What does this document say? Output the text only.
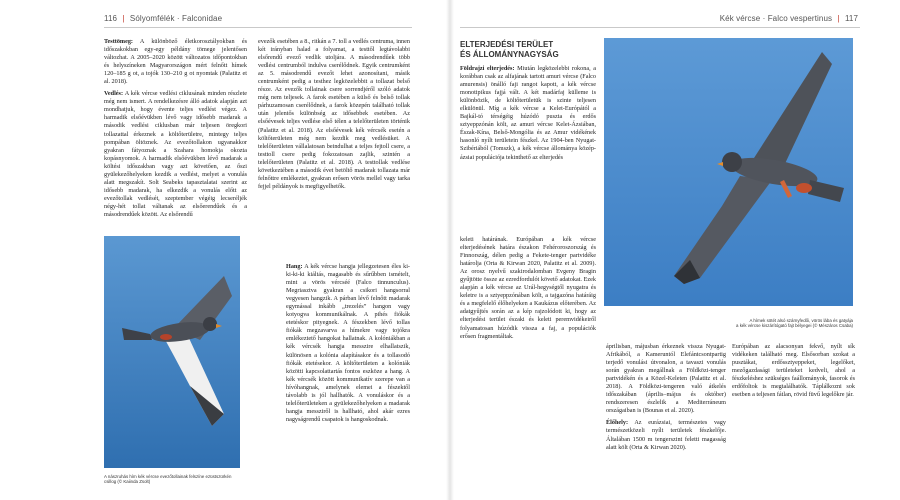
116 | Sólyomfélék · Falconidae

Testtömeg: A különböző életkorosztályokban és időszakokban egy-egy példány tömege jelentősen változhat. A 2005–2020 között változatos időpontokban és helyszíneken Magyarországon mért felnőtt hímek 120–185 g ot, a tojók 130–210 g ot nyomtak (Palatitz et al. 2018).

Vedlés: A kék vércse vedlési ciklusának minden részlete még nem ismert. A rendelkezésre álló adatok alapján azt mondhatjuk, hogy évente teljes vedlést végez. A harmadik elsőévükben lévő vagy idősebb madarak a második vedlési ciklusban már teljesen öregkori tollazattal érkeznek a költőterületre, mintegy teljes pompában öltöznek. Az evezőtollakon ugyanakkor gyakran fátyoznak a Szahara homokja okozta kopásnyomok. A harmadik elsőévükben lévő madarak a költési időszakban vagy azt követően, az őszi gyülekezőhelyeken kezdik a vedlést, melyet a vonulás alatt megszakít. Solt Seabeks tapasztalatai szerint az idősebb madarak, ha elkezdik a vonulás előtt az evezőtollak vedlését, szeptember végéig lecseréljék négy-hét tollat váltanak az elsőerendűek és a másodrendűek között. Az elsőrendű

evezők esetében a 8., ritkán a 7. toll a vedlés centruma, innen két irányban halad a folyamat, a testtől legtávolabbi elsőrendű evező vedlik utoljára. A másodrendűek több vedlési centrumból indulva cserélődnek. Egyik centrumként az 5. másodrendű evezőt lehet azonosítani, másik centrumként pedig a testhez legközelebbit a tollazat belső része. Az evezők tollainak csere sorrendjéről szóló adatok még nem teljesek. A farok esetében a külső és belső tollak párhuzamosan cserélődnek, a farok közepén található tollak után jelentős különbség az idősebbek esetében. Az elsőévesek teljes vedlése első télen a telelőterületen történik (Palatitz et al. 2018). Az elsőévesek kék vércsék esetén a költőterületen még nem kezdik meg vedlésüket. A telelőterületen vállalatosan beindulhat a teljes fejtoll csere, a testtoll csere pedig fokozatosan zajlik, szintén a telelőterületen (Palatitz et al. 2018). A testtollak vedlése következtében a második évet betöltő madarak tollazata már felnőttre emlékeztet, gyakran erősen vörös mellel vagy tarka fejjel példányok is megfigyelhetők.

Hang: A kék vércse hangja jellegzetesen éles ki-ki-ki-ki kiáltás, magasabb és sűrűbben ismételt, mint a vörös vércséé (Falco tinnunculus). Megriasztva gyakran a csikori hangsorral vegyesen hangzik. A párban lévő felnőtt madarak egymással inkább „trezelés” hangon vagy kotyogva kommunikálnak. A pihés fiókák etetéskor pityegnek. A fészekben lévő tollas fiókák megzavarva a hímekre vagy tojókra emlékeztető hangokat hallatnak. A kolóniákban a kék vércsék hangja messzire elhallatszik, különösen a kolónia alapításakor és a tollasodó fiókák etetésekor. A költőterületen a kolóniák közötti kapcsolattartás fontos eszköze a hang. A kék vércsék között kommunikatív szerepe van a hívóhangnak, amelynek elemei a fészektől távolabb is jól hallhatók. A vonuláskor és a telelőterületeken a gyülekezőhelyeken a madarak hangja messziről is hallható, ahol akár ezres nagyságrendű csapatok is hangoskodnak.

A nászruhás hím kék vércse evezőtollainak felszíne ezüstszürkén csillog (© Kaiinda Zsolt)
Kék vércse · Falco vespertinus | 117
ELTERJEDÉSI TERÜLET
ÉS ÁLLOMÁNYNAGYSÁG

Földrajzi elterjedés: Miután legközelebbi rokona, a korábban csak az alfajának tartott amuri vércse (Falco amurensis) önálló faji rangot kapott, a kék vércse monotipikus fajjá vált. A két madárfaj külleme is különbözik, de költőterületük is szinte teljesen elkülönül. Míg a kék vércse a Kelet-Európától a Bajkál-tó térségéig húzódó puszta és erdős sztyeppzónán költ, az amuri vércse Kelet-Ázsiában, Észak-Kína, Belső-Mongólia és az Amur vidékének hasonló nyílt területein fészkel. Az 1904-ben Nyugat-Szibériából (Tomszk), a kék vércse állománya közép-ázsiai populációja tekinthető az elterjedés

keleti határának. Európában a kék vércse elterjedésének határa északon Fehéroroszország és Finnország, délen pedig a Fekete-tenger partvidéke határolja (Orta & Kirwan 2020, Palatitz et al. 2009). Az orosz nyelvű szakirodalomban Evgeny Bragin gyűjtötte össze az ezredfordulót követő adatokat. Ezek alapján a kék vércse az Urál-hegységtől nyugatra és keletre is a sztyeppzónában költ, a tajgazóna határáig és a megfelelő élőhelyeken a Kaukázus előterében. Az adatgyűjtés során az a kép rajzolódott ki, hogy az elterjedési terület északi és keleti peremvidékeiről folyamatosan húzódik vissza a faj, a populációk erősen fragmentáltak.

A hímek sötét alsó szárnyfedői, vörös lába és gatyája
a kék vércse kiszárítógató fajt bélyegei (© Mészáros Csaba)

áprilisban, májusban érkeznek vissza Nyugat-Afrikából, a Kameruntól Elefántcsontpartig terjedő vonulási útvonalon, a tavaszi vonulás során gyakran megállnak a Földközi-tenger partvidékén és a Közel-Keleten (Palatitz et al. 2018). A Földközi-tengeren való átkelés időszakában (április–május és október) rendszeresen észlelik a Mediterráneum országaiban is (Bounas et al. 2020).

Élőhely: Az eurázsiai, természetes vagy természetközeli nyílt területek fészkelője. Általában 1500 m tengerszint feletti magasság alatt költ (Orta & Kirwan 2020).

Európában az alacsonyan fekvő, nyílt sík vidékeken található meg. Elsősorban szokat a pusztákat, erdőssztyeppeket, legelőket, mezőgazdasági területeket kedveli, ahol a fészkeléshez szükséges faállományok, fasorok és erdőfoltok is megtalálhatók. Táplálkozni sok esetben a teljesen fátlan, rövid füvű legelőkre jár.
